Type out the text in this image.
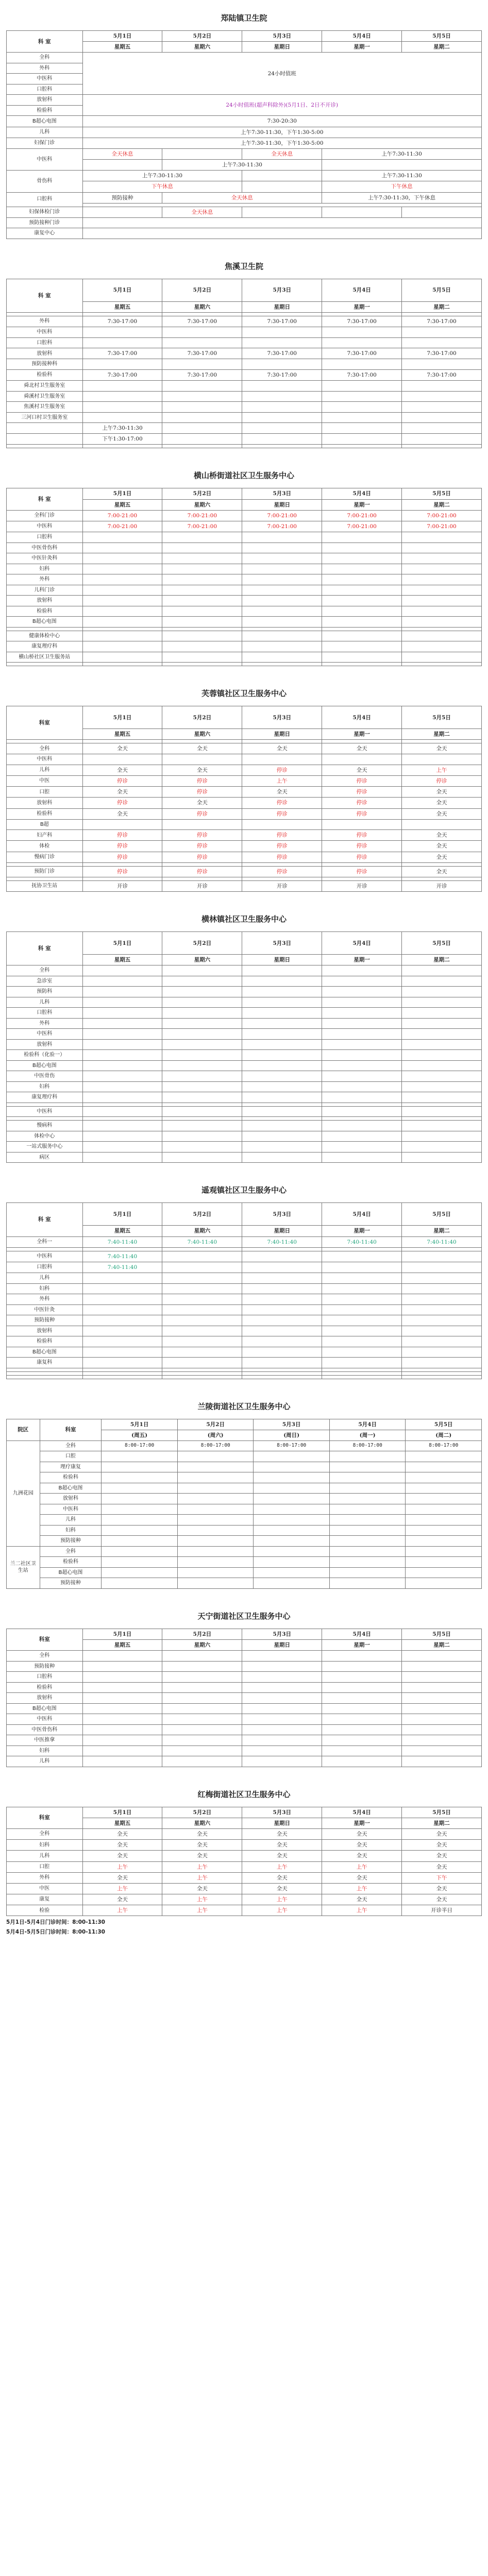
郑陆镇卫生院
科 室	5月1日	5月2日	5月3日	5月4日	5月5日
	星期五	星期六	星期日	星期一	星期二
全科	24小时值班				
外科					
中医科					
口腔科					
放射科	24小时值班(超声科除外)(5月1日、2日不开诊)				
检验科					
B超心电图	7:30-20:30				
儿科	上午7:30-11:30，下午1:30-5:00				
妇保门诊	上午7:30-11:30，下午1:30-5:00				
中医科	全天休息		全天休息	上午7:30-11:30	
		上午7:30-11:30			
骨伤科	上午7:30-11:30			上午7:30-11:30	
	下午休息			下午休息	
口腔科	预防接种	全天休息		上午7:30-11:30，下午休息	

妇保体检门诊		全天休息			
预防接种门诊					
康复中心					
焦溪卫生院
科 室	5月1日	5月2日	5月3日	5月4日	5月5日
	星期五	星期六	星期日	星期一	星期二

外科	7:30-17:00	7:30-17:00	7:30-17:00	7:30-17:00	7:30-17:00
中医科					
口腔科					
放射科	7:30-17:00	7:30-17:00	7:30-17:00	7:30-17:00	7:30-17:00
预防接种科					
检验科	7:30-17:00	7:30-17:00	7:30-17:00	7:30-17:00	7:30-17:00
舜北村卫生服务室					
舜溪村卫生服务室					
焦溪村卫生服务室					
三河口村卫生服务室					
	上午7:30-11:30				
	下午1:30-17:00				

横山桥街道社区卫生服务中心
科 室	5月1日	5月2日	5月3日	5月4日	5月5日
	星期五	星期六	星期日	星期一	星期二
全科门诊	7:00-21:00	7:00-21:00	7:00-21:00	7:00-21:00	7:00-21:00
中医科	7:00-21:00	7:00-21:00	7:00-21:00	7:00-21:00	7:00-21:00
口腔科					
中医骨伤科					
中医针灸科					
妇科					
外科					
儿科门诊					
放射科					
检验科					
B超心电图					

健康体检中心					
康复理疗科					
横山桥社区卫生服务站					

芙蓉镇社区卫生服务中心
科室	5月1日	5月2日	5月3日	5月4日	5月5日
	星期五	星期六	星期日	星期一	星期二

全科	全天	全天	全天	全天	全天
中医科					
儿科	全天	全天	停诊	全天	上午
中医	停诊	停诊	上午	停诊	停诊
口腔	全天	停诊	全天	停诊	全天
放射科	停诊	全天	停诊	停诊	全天
检验科	全天	停诊	停诊	停诊	全天
B超					
妇产科	停诊	停诊	停诊	停诊	全天
体检	停诊	停诊	停诊	停诊	全天
慢病门诊	停诊	停诊	停诊	停诊	全天

预防门诊	停诊	停诊	停诊	停诊	全天

抚协卫生站	开诊	开诊	开诊	开诊	开诊
横林镇社区卫生服务中心
科 室	5月1日	5月2日	5月3日	5月4日	5月5日
	星期五	星期六	星期日	星期一	星期二
全科					
急诊室					
预防科					
儿科					
口腔科					
外科					
中医科					
放射科					
检验科（化验一）					
B超心电图					
中医骨伤					
妇科					
康复理疗科					

中医科					

慢病科					
体检中心					
一站式服务中心					
病区					
遥观镇社区卫生服务中心
科 室	5月1日	5月2日	5月3日	5月4日	5月5日
	星期五	星期六	星期日	星期一	星期二
全科一	7:40-11:40	7:40-11:40	7:40-11:40	7:40-11:40	7:40-11:40

中医科	7:40-11:40				
口腔科	7:40-11:40				
儿科					
妇科					
外科					
中医针灸					
预防接种					
放射科					
检验科					
B超心电图					
康复科					

兰陵街道社区卫生服务中心
院区	科室	5月1日	5月2日	5月3日	5月4日	5月5日
		(周五)	(周六)	(周日)	(周一)	(周二)
九洲花园	全科	8:00-17:00	8:00-17:00	8:00-17:00	8:00-17:00	8:00-17:00
	口腔					
	理疗康复					
	检验科					
	B超心电图					
	放射科					
	中医科					
	儿科					
	妇科					
	预防接种					
兰二社区卫生站	全科					
	检验科					
	B超心电图					
	预防接种					
天宁街道社区卫生服务中心
科室	5月1日	5月2日	5月3日	5月4日	5月5日
	星期五	星期六	星期日	星期一	星期二
全科					
预防接种					
口腔科					
检验科					
放射科					
B超心电图					
中医科					
中医骨伤科					
中医推拿					
妇科					
儿科					
红梅街道社区卫生服务中心
科室	5月1日	5月2日	5月3日	5月4日	5月5日
	星期五	星期六	星期日	星期一	星期二
全科	全天	全天	全天	全天	全天
妇科	全天	全天	全天	全天	全天
儿科	全天	全天	全天	全天	全天
口腔	上午	上午	上午	上午	全天
外科	全天	上午	全天	全天	下午
中医	上午	全天	全天	上午	全天
康复	全天	上午	上午	全天	全天
检验	上午	上午	上午	上午	开诊半日
5月1日-5月4日门诊时间：8:00-11:30
5月4日-5月5日门诊时间：8:00-11:30
